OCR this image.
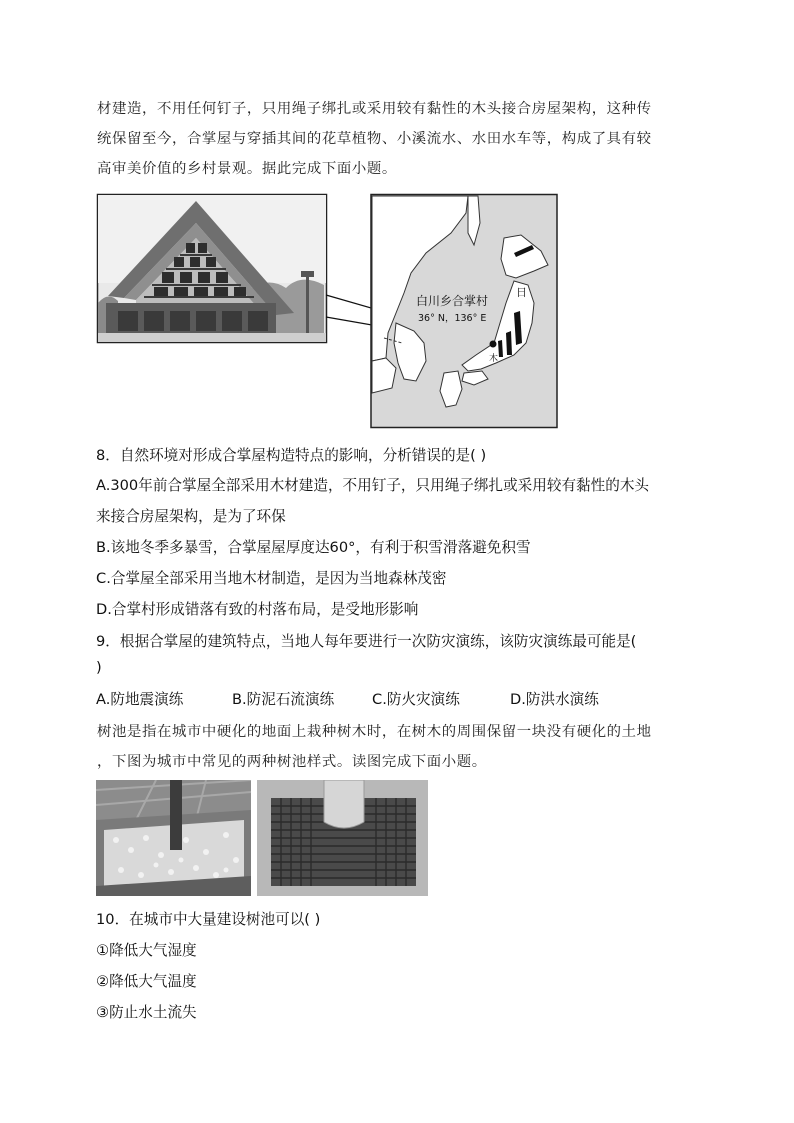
材建造，不用任何钉子，只用绳子绑扎或采用较有黏性的木头接合房屋架构，这种传
统保留至今，合掌屋与穿插其间的花草植物、小溪流水、水田水车等，构成了具有较
高审美价值的乡村景观。据此完成下面小题。
白川乡合掌村
36° N，136° E
日
木
8．自然环境对形成合掌屋构造特点的影响，分析错误的是( )
A.300年前合掌屋全部采用木材建造，不用钉子，只用绳子绑扎或采用较有黏性的木头
来接合房屋架构，是为了环保
B.该地冬季多暴雪，合掌屋屋厚度达60°，有利于积雪滑落避免积雪
C.合掌屋全部采用当地木材制造，是因为当地森林茂密
D.合掌村形成错落有致的村落布局，是受地形影响
9．根据合掌屋的建筑特点，当地人每年要进行一次防灾演练，该防灾演练最可能是(
)
A.防地震演练	B.防泥石流演练	C.防火灾演练	D.防洪水演练
树池是指在城市中硬化的地面上栽种树木时，在树木的周围保留一块没有硬化的土地
，下图为城市中常见的两种树池样式。读图完成下面小题。
10．在城市中大量建设树池可以( )
①降低大气湿度
②降低大气温度
③防止水土流失
